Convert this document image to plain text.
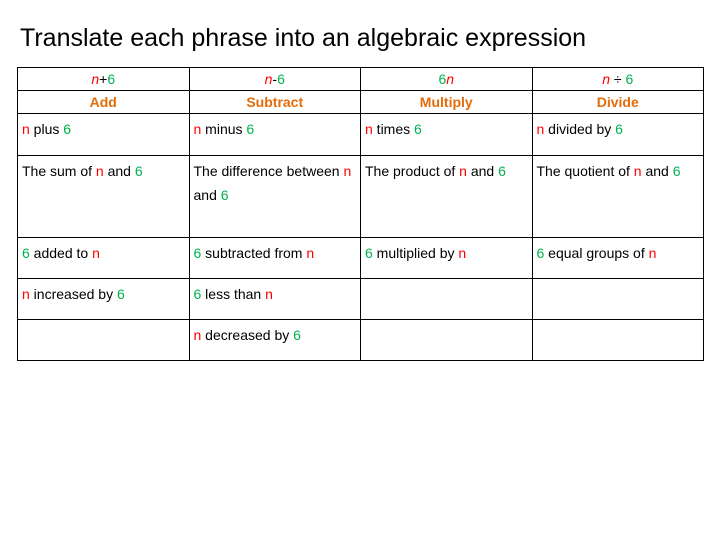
Translate each phrase into an algebraic expression
n+6	n-6	6n	n ÷ 6
Add	Subtract	Multiply	Divide
n plus 6	n minus 6	n times 6	n divided by 6
The sum of n and 6	The difference between n and 6	The product of n and 6	The quotient of n and 6
6 added to n	6 subtracted from n	6 multiplied by n	6 equal groups of n
n increased by 6	6 less than n		
	n decreased by 6		
